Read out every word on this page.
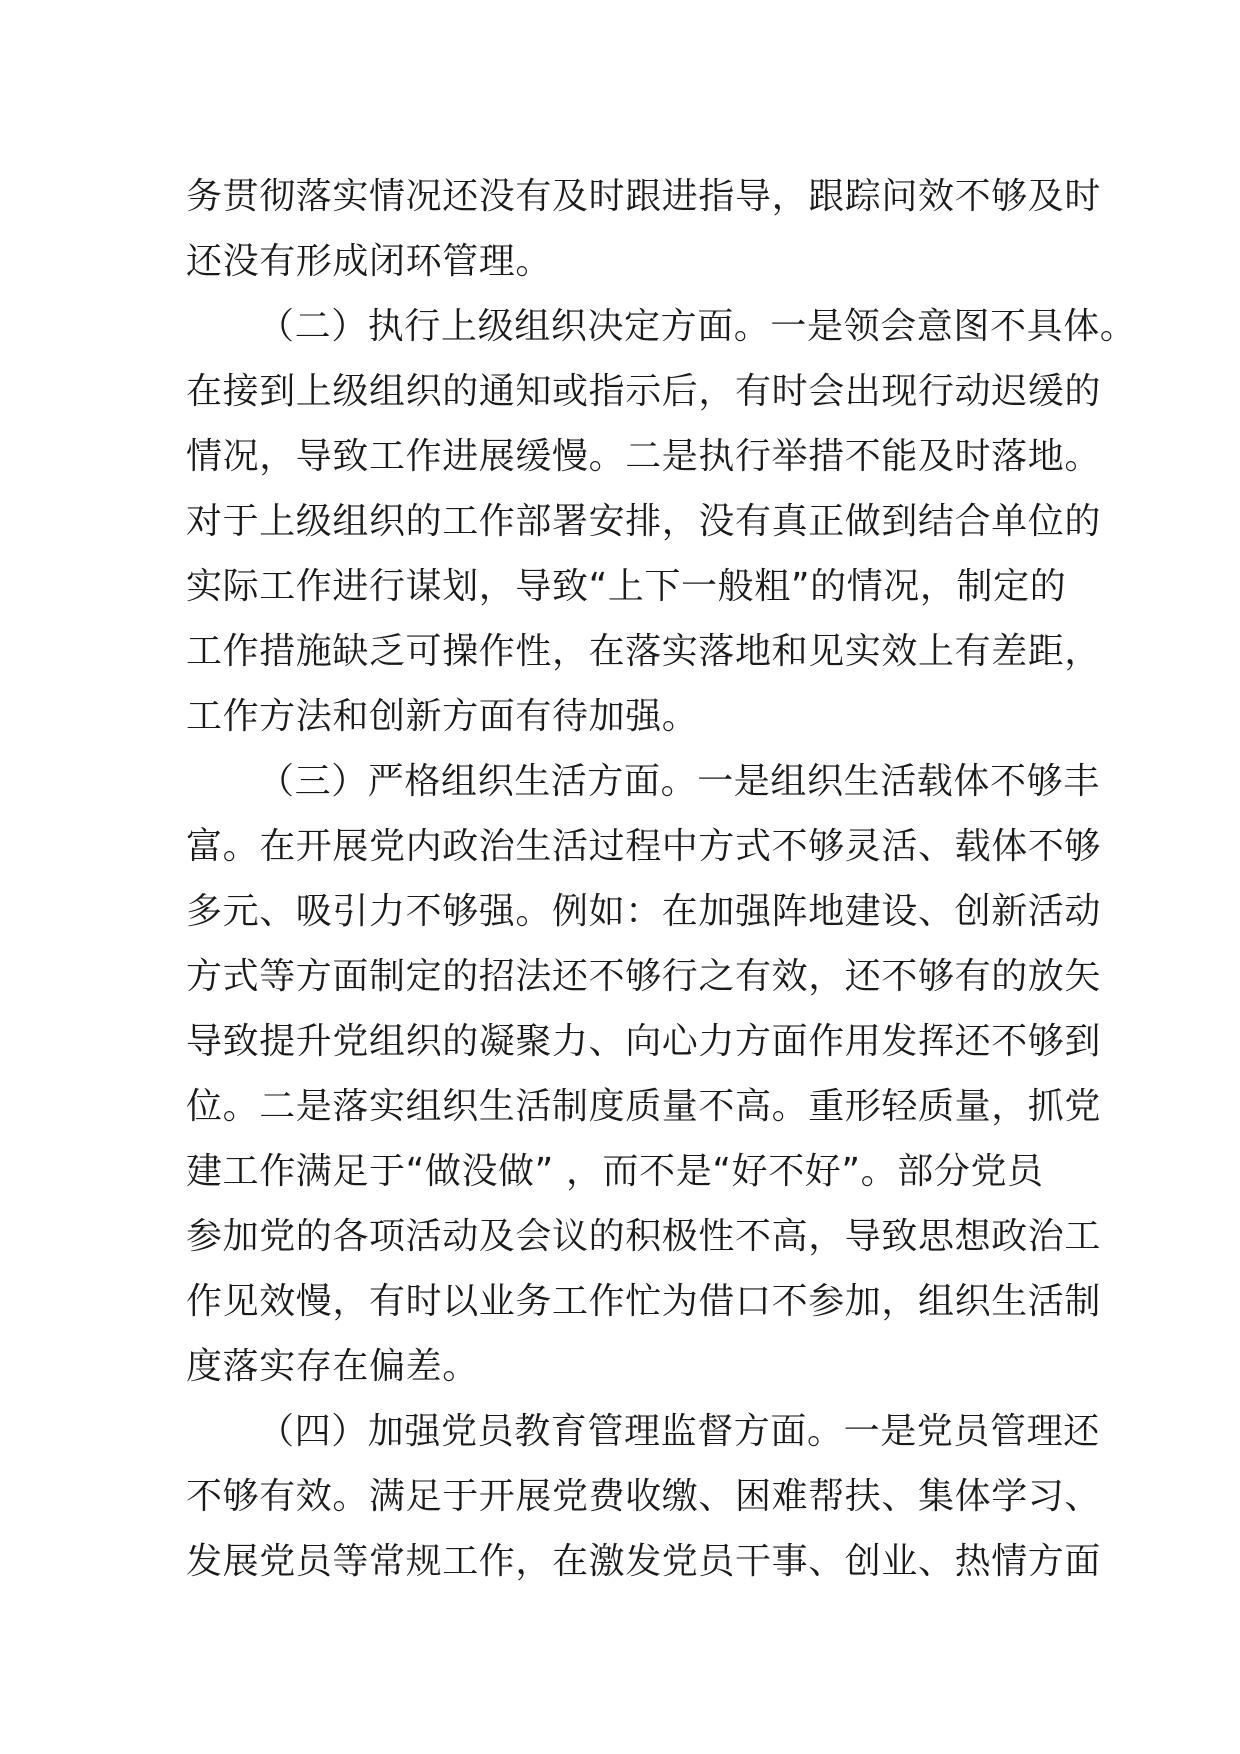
务贯彻落实情况还没有及时跟进指导，跟踪问效不够及时
还没有形成闭环管理。
（二）执行上级组织决定方面。一是领会意图不具体。
在接到上级组织的通知或指示后，有时会出现行动迟缓的
情况，导致工作进展缓慢。二是执行举措不能及时落地。
对于上级组织的工作部署安排，没有真正做到结合单位的
实际工作进行谋划，导致“上下一般粗”的情况，制定的
工作措施缺乏可操作性，在落实落地和见实效上有差距，
工作方法和创新方面有待加强。
（三）严格组织生活方面。一是组织生活载体不够丰
富。在开展党内政治生活过程中方式不够灵活、载体不够
多元、吸引力不够强。例如：在加强阵地建设、创新活动
方式等方面制定的招法还不够行之有效，还不够有的放矢
导致提升党组织的凝聚力、向心力方面作用发挥还不够到
位。二是落实组织生活制度质量不高。重形轻质量，抓党
建工作满足于“做没做” ，而不是“好不好”。部分党员
参加党的各项活动及会议的积极性不高，导致思想政治工
作见效慢，有时以业务工作忙为借口不参加，组织生活制
度落实存在偏差。
（四）加强党员教育管理监督方面。一是党员管理还
不够有效。满足于开展党费收缴、困难帮扶、集体学习、
发展党员等常规工作，在激发党员干事、创业、热情方面
